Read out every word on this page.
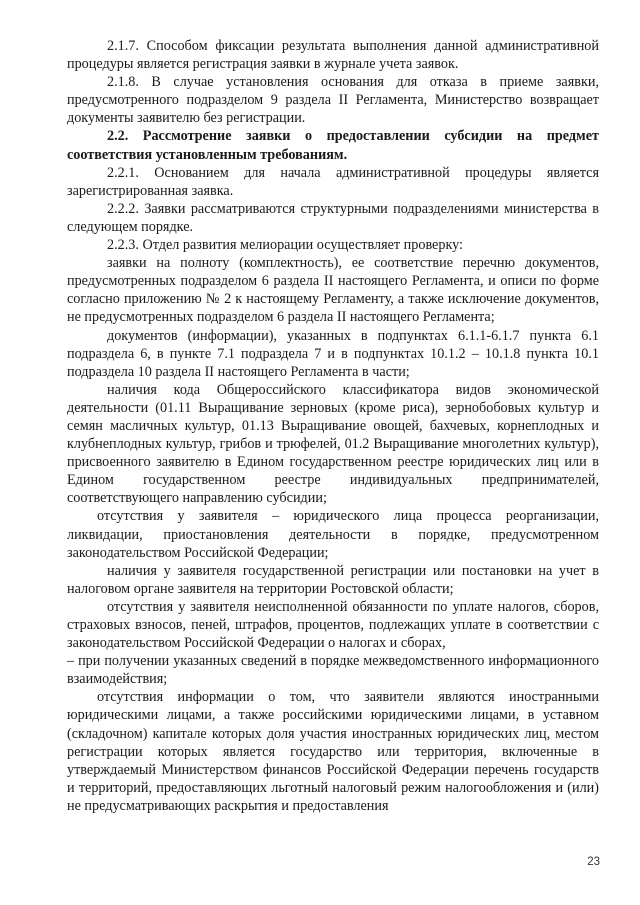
2.1.7. Способом фиксации результата выполнения данной административной процедуры является регистрация заявки в журнале учета заявок.

2.1.8. В случае установления основания для отказа в приеме заявки, предусмотренного подразделом 9 раздела II Регламента, Министерство возвращает документы заявителю без регистрации.

2.2. Рассмотрение заявки о предоставлении субсидии на предмет соответствия установленным требованиям.

2.2.1. Основанием для начала административной процедуры является зарегистрированная заявка.

2.2.2. Заявки рассматриваются структурными подразделениями министерства в следующем порядке.

2.2.3. Отдел развития мелиорации осуществляет проверку:

заявки на полноту (комплектность), ее соответствие перечню документов, предусмотренных подразделом 6 раздела II настоящего Регламента, и описи по форме согласно приложению № 2 к настоящему Регламенту, а также исключение документов, не предусмотренных подразделом 6 раздела II настоящего Регламента;

документов (информации), указанных в подпунктах 6.1.1-6.1.7 пункта 6.1 подраздела 6, в пункте 7.1 подраздела 7 и в подпунктах 10.1.2 – 10.1.8 пункта 10.1 подраздела 10 раздела II настоящего Регламента в части;

наличия кода Общероссийского классификатора видов экономической деятельности (01.11 Выращивание зерновых (кроме риса), зернобобовых культур и семян масличных культур, 01.13 Выращивание овощей, бахчевых, корнеплодных и клубнеплодных культур, грибов и трюфелей, 01.2 Выращивание многолетних культур), присвоенного заявителю в Едином государственном реестре юридических лиц или в Едином государственном реестре индивидуальных предпринимателей, соответствующего направлению субсидии;

отсутствия у заявителя – юридического лица процесса реорганизации, ликвидации, приостановления деятельности в порядке, предусмотренном законодательством Российской Федерации;

наличия у заявителя государственной регистрации или постановки на учет в налоговом органе заявителя на территории Ростовской области;

отсутствия у заявителя неисполненной обязанности по уплате налогов, сборов, страховых взносов, пеней, штрафов, процентов, подлежащих уплате в соответствии с законодательством Российской Федерации о налогах и сборах,

– при получении указанных сведений в порядке межведомственного информационного взаимодействия;

отсутствия информации о том, что заявители являются иностранными юридическими лицами, а также российскими юридическими лицами, в уставном (складочном) капитале которых доля участия иностранных юридических лиц, местом регистрации которых является государство или территория, включенные в утверждаемый Министерством финансов Российской Федерации перечень государств и территорий, предоставляющих льготный налоговый режим налогообложения и (или) не предусматривающих раскрытия и предоставления

23
